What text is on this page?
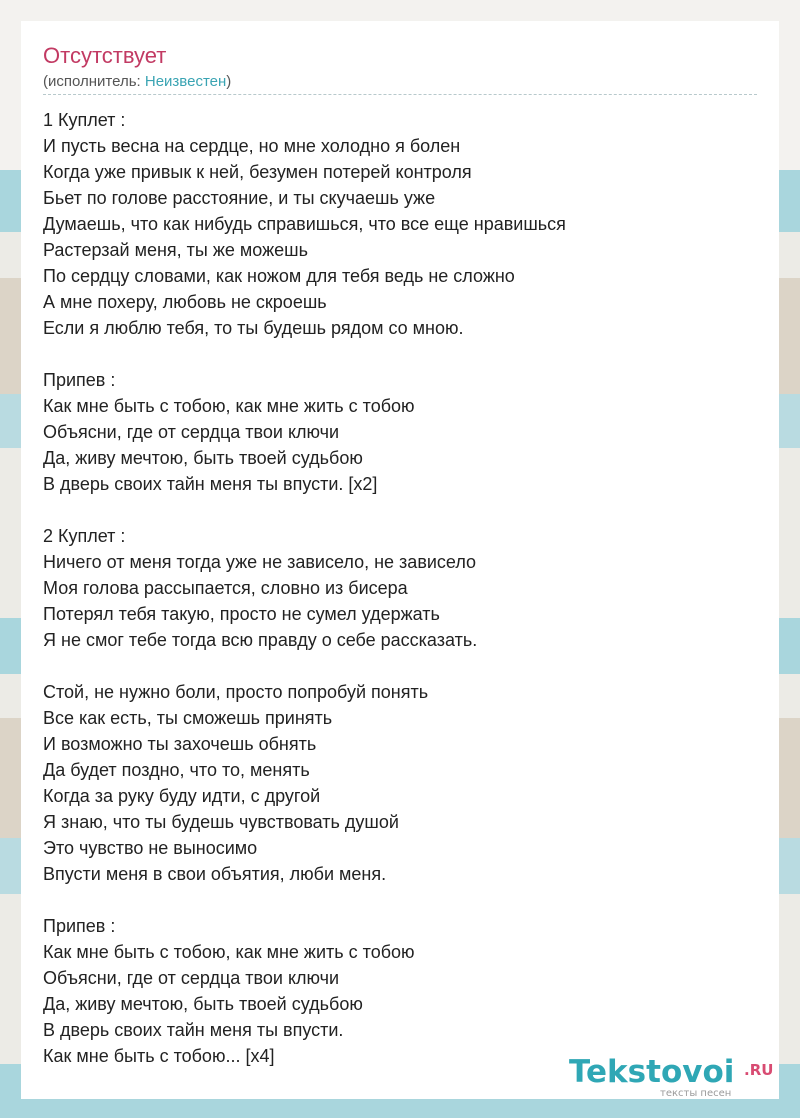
Отсутствует
(исполнитель: Неизвестен)
1 Куплет :
И пусть весна на сердце, но мне холодно я болен
Когда уже привык к ней, безумен потерей контроля
Бьет по голове расстояние, и ты скучаешь уже
Думаешь, что как нибудь справишься, что все еще нравишься
Растерзай меня, ты же можешь
По сердцу словами, как ножом для тебя ведь не сложно
А мне похеру, любовь не скроешь
Если я люблю тебя, то ты будешь рядом со мною.
Припев :
Как мне быть с тобою, как мне жить с тобою
Объясни, где от сердца твои ключи
Да, живу мечтою, быть твоей судьбою
В дверь своих тайн меня ты впусти. [x2]
2 Куплет :
Ничего от меня тогда уже не зависело, не зависело
Моя голова рассыпается, словно из бисера
Потерял тебя такую, просто не сумел удержать
Я не смог тебе тогда всю правду о себе рассказать.
Стой, не нужно боли, просто попробуй понять
Все как есть, ты сможешь принять
И возможно ты захочешь обнять
Да будет поздно, что то, менять
Когда за руку буду идти, с другой
Я знаю, что ты будешь чувствовать душой
Это чувство не выносимо
Впусти меня в свои объятия, люби меня.
Припев :
Как мне быть с тобою, как мне жить с тобою
Объясни, где от сердца твои ключи
Да, живу мечтою, быть твоей судьбою
В дверь своих тайн меня ты впусти.
Как мне быть с тобою... [x4]	Tekstovoi .RU
тексты песен
